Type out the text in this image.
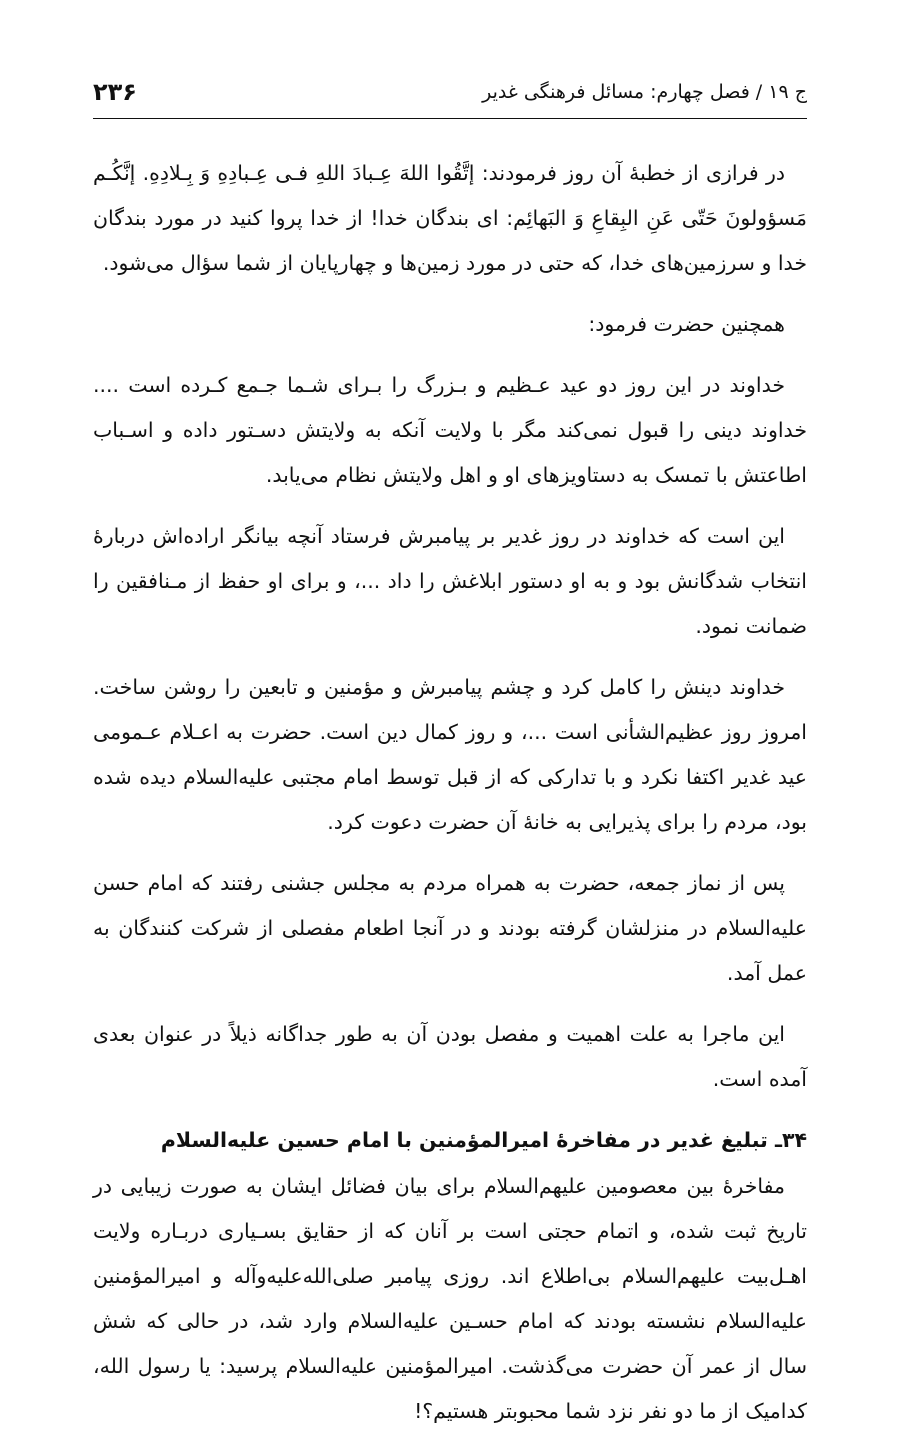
ج ۱۹ / فصل چهارم: مسائل فرهنگی غدیر
۲۳۶

در فرازی از خطبهٔ آن روز فرمودند: إتَّقُوا اللهَ عِـبادَ اللهِ فـی عِـبادِهِ وَ بِـلادِهِ. إنَّکُـم مَسؤولونَ حَتّی عَنِ البِقاعِ وَ البَهائِم: ای بندگان خدا! از خدا پروا کنید در مورد بندگان خدا و سرزمین‌های خدا، که حتی در مورد زمین‌ها و چهارپایان از شما سؤال می‌شود.

همچنین حضرت فرمود:

خداوند در این روز دو عید عـظیم و بـزرگ را بـرای شـما جـمع کـرده است .... خداوند دینی را قبول نمی‌کند مگر با ولایت آنکه به ولایتش دسـتور داده و اسـباب اطاعتش با تمسک به دستاویزهای او و اهل ولایتش نظام می‌یابد.

این است که خداوند در روز غدیر بر پیامبرش فرستاد آنچه بیانگر اراده‌اش دربارهٔ انتخاب شدگانش بود و به او دستور ابلاغش را داد ...، و برای او حفظ از مـنافقین را ضمانت نمود.

خداوند دینش را کامل کرد و چشم پیامبرش و مؤمنین و تابعین را روشن ساخت. امروز روز عظیم‌الشأنی است ...، و روز کمال دین است. حضرت به اعـلام عـمومی عید غدیر اکتفا نکرد و با تدارکی که از قبل توسط امام مجتبی علیه‌السلام دیده شده بود، مردم را برای پذیرایی به خانهٔ آن حضرت دعوت کرد.

پس از نماز جمعه، حضرت به همراه مردم به مجلس جشنی رفتند که امام حسن علیه‌السلام در منزلشان گرفته بودند و در آنجا اطعام مفصلی از شرکت کنندگان به عمل آمد.

این ماجرا به علت اهمیت و مفصل بودن آن به طور جداگانه ذیلاً در عنوان بعدی آمده است.

۳۴ـ تبلیغ غدیر در مفاخرهٔ امیرالمؤمنین با امام حسین علیه‌السلام

مفاخرهٔ بین معصومین علیهم‌السلام برای بیان فضائل ایشان به صورت زیبایی در تاریخ ثبت شده، و اتمام حجتی است بر آنان که از حقایق بسـیاری دربـاره ولایت اهـل‌بیت علیهم‌السلام بی‌اطلاع اند. روزی پیامبر صلی‌الله‌علیه‌وآله و امیرالمؤمنین علیه‌السلام نشسته بودند که امام حسـین علیه‌السلام وارد شد، در حالی که شش سال از عمر آن حضرت می‌گذشت. امیرالمؤمنین علیه‌السلام پرسید: یا رسول الله، کدامیک از ما دو نفر نزد شما محبوبتر هستیم؟!
